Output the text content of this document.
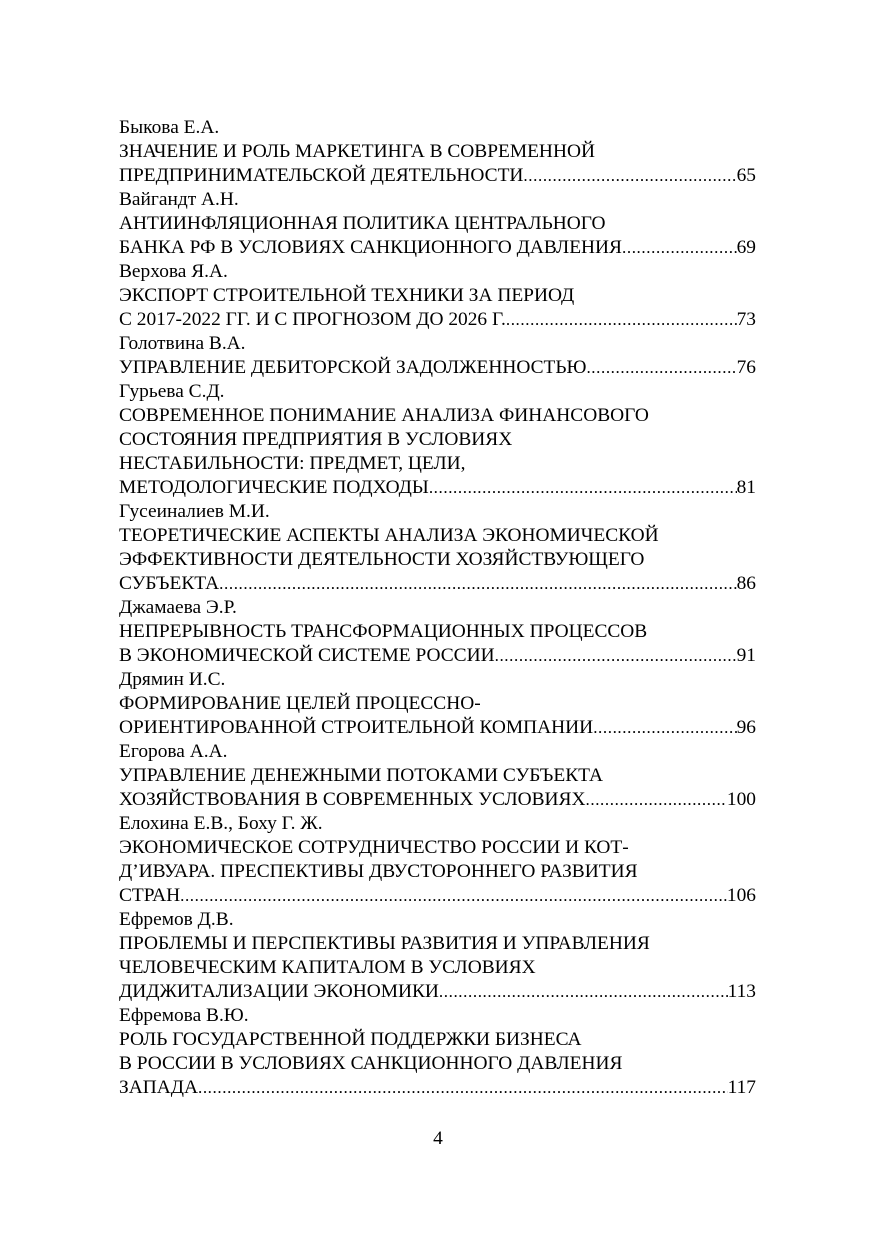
Быкова Е.А.
ЗНАЧЕНИЕ И РОЛЬ МАРКЕТИНГА В СОВРЕМЕННОЙ
ПРЕДПРИНИМАТЕЛЬСКОЙ ДЕЯТЕЛЬНОСТИ .....	65
Вайгандт А.Н.
АНТИИНФЛЯЦИОННАЯ ПОЛИТИКА ЦЕНТРАЛЬНОГО
БАНКА РФ В УСЛОВИЯХ САНКЦИОННОГО ДАВЛЕНИЯ .....	69
Верхова Я.А.
ЭКСПОРТ СТРОИТЕЛЬНОЙ ТЕХНИКИ ЗА ПЕРИОД
С 2017-2022 ГГ. И С ПРОГНОЗОМ ДО 2026 Г. .....	73
Голотвина В.А.
УПРАВЛЕНИЕ ДЕБИТОРСКОЙ ЗАДОЛЖЕННОСТЬЮ .....	76
Гурьева С.Д.
СОВРЕМЕННОЕ ПОНИМАНИЕ АНАЛИЗА ФИНАНСОВОГО
СОСТОЯНИЯ ПРЕДПРИЯТИЯ В УСЛОВИЯХ
НЕСТАБИЛЬНОСТИ: ПРЕДМЕТ, ЦЕЛИ,
МЕТОДОЛОГИЧЕСКИЕ ПОДХОДЫ .....	81
Гусеиналиев М.И.
ТЕОРЕТИЧЕСКИЕ АСПЕКТЫ АНАЛИЗА ЭКОНОМИЧЕСКОЙ
ЭФФЕКТИВНОСТИ ДЕЯТЕЛЬНОСТИ ХОЗЯЙСТВУЮЩЕГО
СУБЪЕКТА .....	86
Джамаева Э.Р.
НЕПРЕРЫВНОСТЬ ТРАНСФОРМАЦИОННЫХ ПРОЦЕССОВ
В ЭКОНОМИЧЕСКОЙ СИСТЕМЕ РОССИИ .....	91
Дрямин И.С.
ФОРМИРОВАНИЕ ЦЕЛЕЙ ПРОЦЕССНО-
ОРИЕНТИРОВАННОЙ СТРОИТЕЛЬНОЙ КОМПАНИИ .....	96
Егорова А.А.
УПРАВЛЕНИЕ ДЕНЕЖНЫМИ ПОТОКАМИ СУБЪЕКТА
ХОЗЯЙСТВОВАНИЯ В СОВРЕМЕННЫХ УСЛОВИЯХ .....	100
Елохина Е.В., Боху Г. Ж.
ЭКОНОМИЧЕСКОЕ СОТРУДНИЧЕСТВО РОССИИ И КОТ-
Д’ИВУАРА. ПРЕСПЕКТИВЫ ДВУСТОРОННЕГО РАЗВИТИЯ
СТРАН .....	106
Ефремов Д.В.
ПРОБЛЕМЫ И ПЕРСПЕКТИВЫ РАЗВИТИЯ И УПРАВЛЕНИЯ
ЧЕЛОВЕЧЕСКИМ КАПИТАЛОМ В УСЛОВИЯХ
ДИДЖИТАЛИЗАЦИИ ЭКОНОМИКИ .....	113
Ефремова В.Ю.
РОЛЬ ГОСУДАРСТВЕННОЙ ПОДДЕРЖКИ БИЗНЕСА
В РОССИИ В УСЛОВИЯХ САНКЦИОННОГО ДАВЛЕНИЯ
ЗАПАДА .....	117
4
